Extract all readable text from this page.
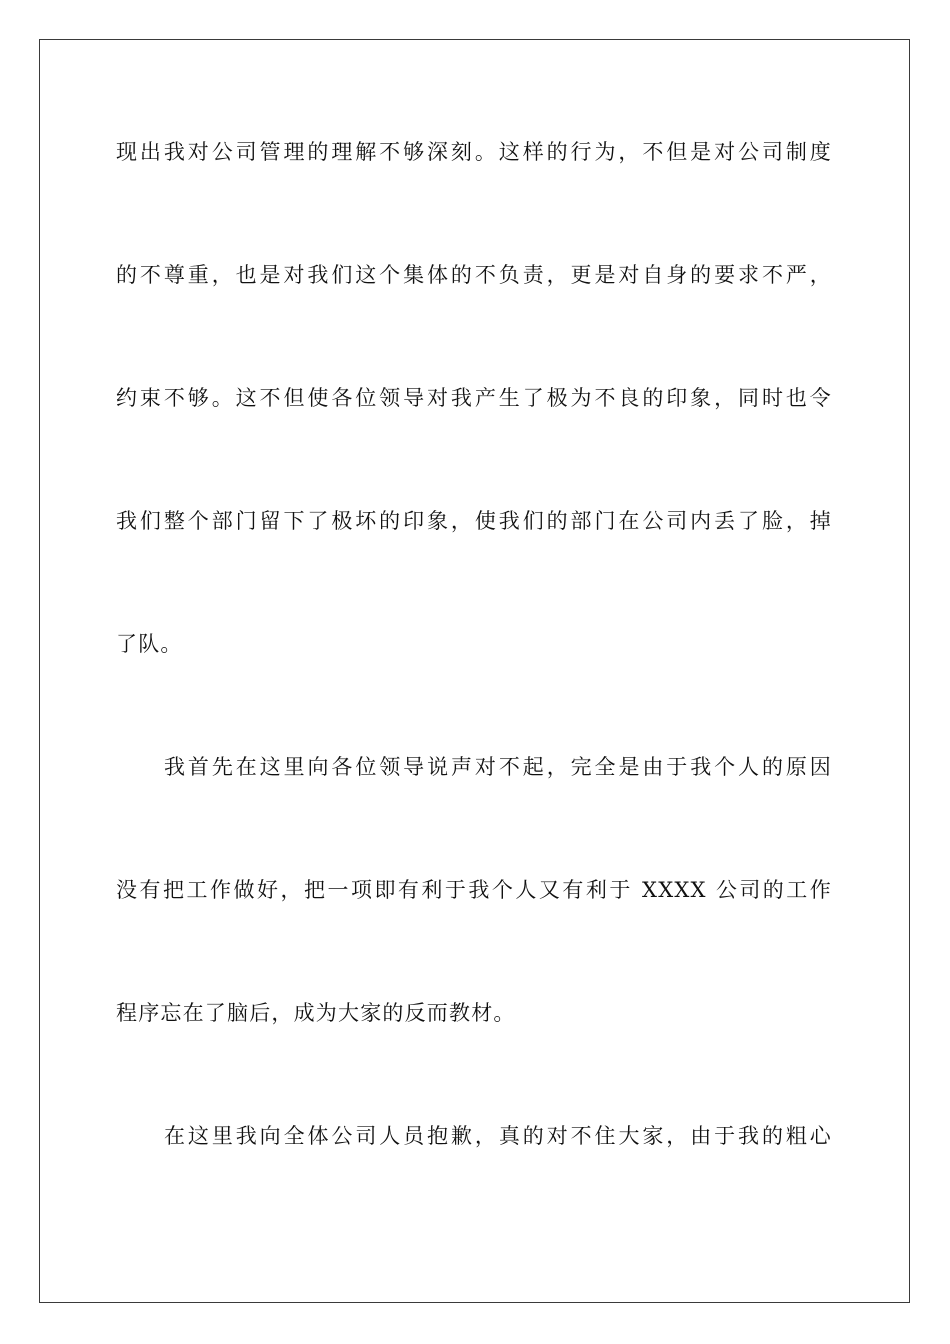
现出我对公司管理的理解不够深刻。这样的行为，不但是对公司制度
的不尊重，也是对我们这个集体的不负责，更是对自身的要求不严，
约束不够。这不但使各位领导对我产生了极为不良的印象，同时也令
我们整个部门留下了极坏的印象，使我们的部门在公司内丢了脸，掉
了队。
我首先在这里向各位领导说声对不起，完全是由于我个人的原因
没有把工作做好，把一项即有利于我个人又有利于 XXXX 公司的工作
程序忘在了脑后，成为大家的反而教材。
在这里我向全体公司人员抱歉，真的对不住大家，由于我的粗心
